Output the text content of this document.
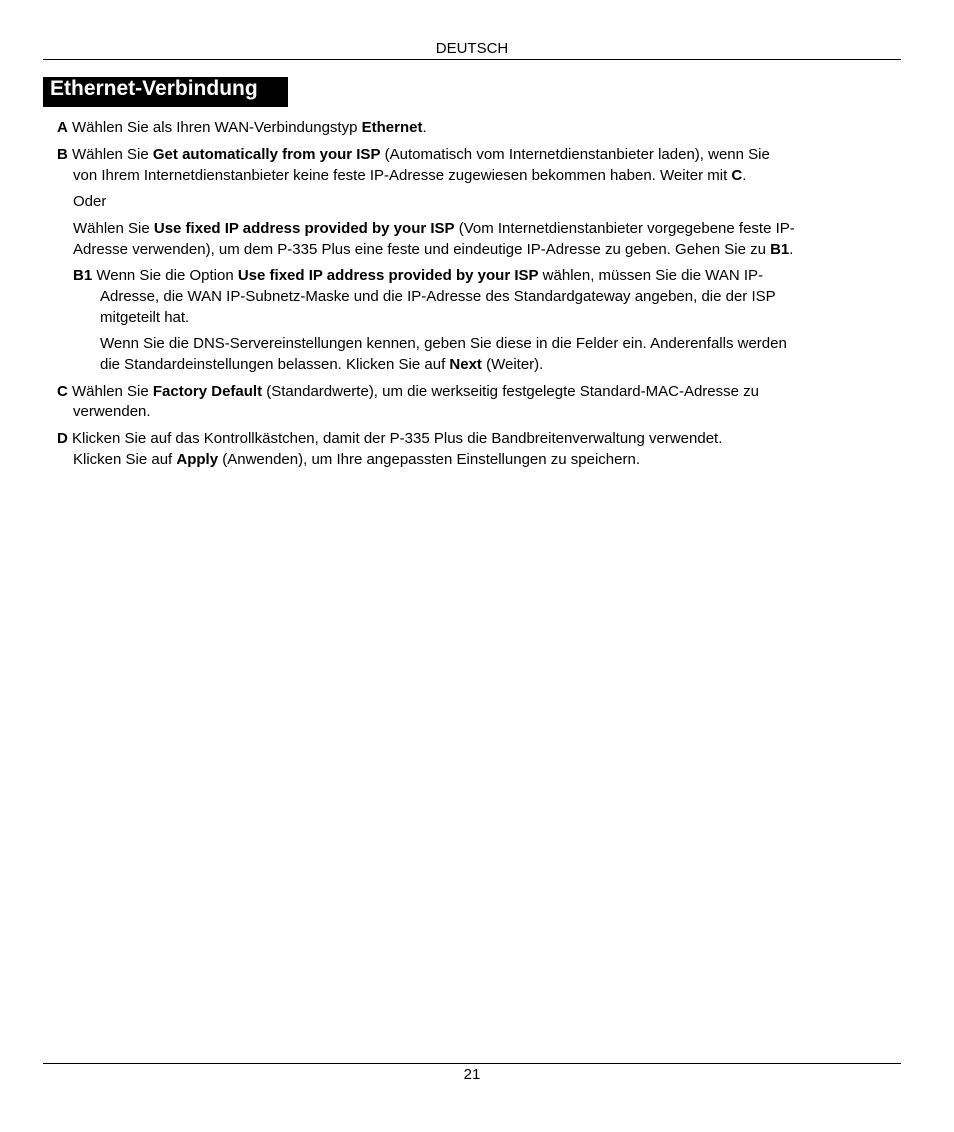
DEUTSCH
Ethernet-Verbindung

A Wählen Sie als Ihren WAN-Verbindungstyp Ethernet.

B Wählen Sie Get automatically from your ISP (Automatisch vom Internetdienstanbieter laden), wenn Sie

von Ihrem Internetdienstanbieter keine feste IP-Adresse zugewiesen bekommen haben. Weiter mit C.

Oder

Wählen Sie Use fixed IP address provided by your ISP (Vom Internetdienstanbieter vorgegebene feste IP-

Adresse verwenden), um dem P-335 Plus eine feste und eindeutige IP-Adresse zu geben. Gehen Sie zu B1.

B1 Wenn Sie die Option Use fixed IP address provided by your ISP wählen, müssen Sie die WAN IP-

Adresse, die WAN IP-Subnetz-Maske und die IP-Adresse des Standardgateway angeben, die der ISP

mitgeteilt hat.

Wenn Sie die DNS-Servereinstellungen kennen, geben Sie diese in die Felder ein. Anderenfalls werden

die Standardeinstellungen belassen. Klicken Sie auf Next (Weiter).

C Wählen Sie Factory Default (Standardwerte), um die werkseitig festgelegte Standard-MAC-Adresse zu

verwenden.

D Klicken Sie auf das Kontrollkästchen, damit der P-335 Plus die Bandbreitenverwaltung verwendet.

Klicken Sie auf Apply (Anwenden), um Ihre angepassten Einstellungen zu speichern.

21
